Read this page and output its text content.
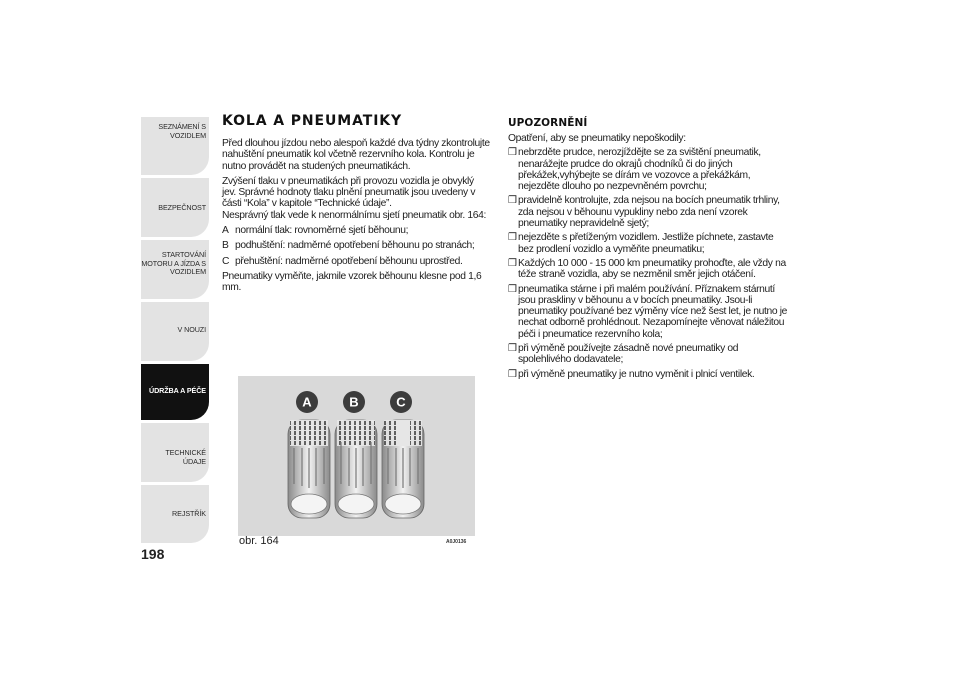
SEZNÁMENÍ S
VOZIDLEM
BEZPEČNOST
STARTOVÁNÍ
MOTORU A JÍZDA S
VOZIDLEM
V NOUZI
ÚDRŽBA A PÉČE
TECHNICKÉ ÚDAJE
REJSTŘÍK
198
KOLA A PNEUMATIKY

Před dlouhou jízdou nebo alespoň každé dva týdny zkontrolujte nahuštění pneumatik kol včetně rezervního kola. Kontrolu je nutno provádět na studených pneumatikách.

Zvýšení tlaku v pneumatikách při provozu vozidla je obvyklý jev. Správné hodnoty tlaku plnění pneumatik jsou uvedeny v části “Kola” v kapitole “Technické údaje”.

Nesprávný tlak vede k nenormálnímu sjetí pneumatik obr. 164:

A normální tlak: rovnoměrné sjetí běhounu;
B podhuštění: nadměrné opotřebení běhounu po stranách;
C přehuštění: nadměrné opotřebení běhounu uprostřed.

Pneumatiky vyměňte, jakmile vzorek běhounu klesne pod 1,6 mm.

A	B	C
obr. 164	A0J0136
UPOZORNĚNÍ

Opatření, aby se pneumatiky nepoškodily:

❒ nebrzděte prudce, nerozjíždějte se za svištění pneumatik, nenarážejte prudce do okrajů chodníků či do jiných překážek,vyhýbejte se dírám ve vozovce a překážkám, nejezděte dlouho po nezpevněném povrchu;
❒ pravidelně kontrolujte, zda nejsou na bocích pneumatik trhliny, zda nejsou v běhounu vypukliny nebo zda není vzorek pneumatiky nepravidelně sjetý;
❒ nejezděte s přetíženým vozidlem. Jestliže píchnete, zastavte bez prodlení vozidlo a vyměňte pneumatiku;
❒ Každých 10 000 - 15 000 km pneumatiky prohoďte, ale vždy na téže straně vozidla, aby se nezměnil směr jejich otáčení.
❒ pneumatika stárne i při malém používání. Příznakem stárnutí jsou praskliny v běhounu a v bocích pneumatiky. Jsou-li pneumatiky používané bez výměny více než šest let, je nutno je nechat odborně prohlédnout. Nezapomínejte věnovat náležitou péči i pneumatice rezervního kola;
❒ při výměně používejte zásadně nové pneumatiky od spolehlivého dodavatele;
❒ při výměně pneumatiky je nutno vyměnit i plnicí ventilek.
